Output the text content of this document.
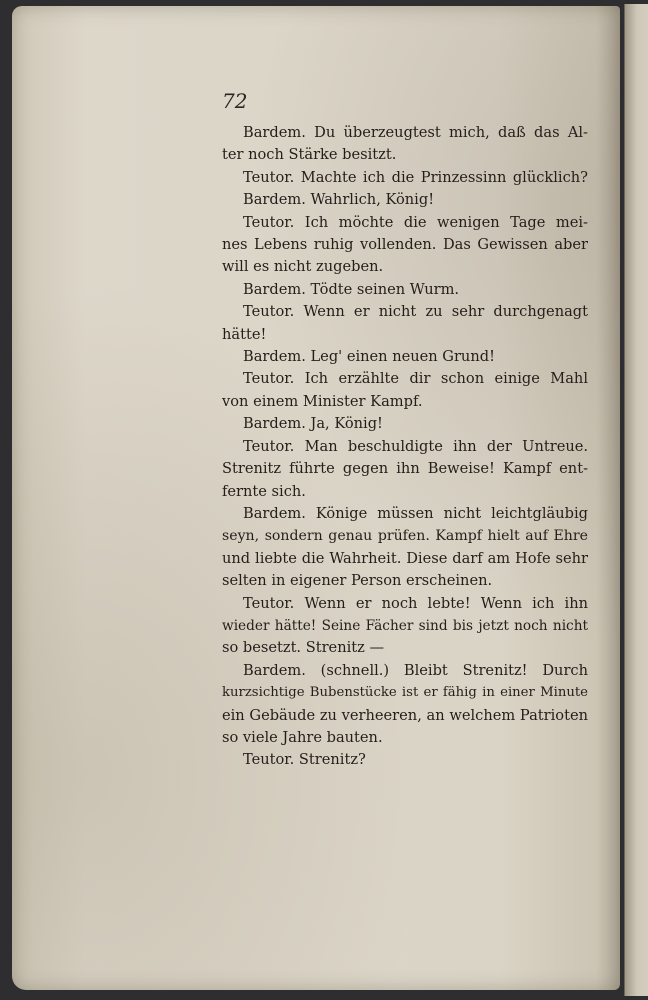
72
Bardem. Du überzeugtest mich, daß das Al-
ter noch Stärke besitzt.
Teutor. Machte ich die Prinzessinn glücklich?
Bardem. Wahrlich, König!
Teutor. Ich möchte die wenigen Tage mei-
nes Lebens ruhig vollenden. Das Gewissen aber
will es nicht zugeben.
Bardem. Tödte seinen Wurm.
Teutor. Wenn er nicht zu sehr durchgenagt
hätte!
Bardem. Leg' einen neuen Grund!
Teutor. Ich erzählte dir schon einige Mahl
von einem Minister Kampf.
Bardem. Ja, König!
Teutor. Man beschuldigte ihn der Untreue.
Strenitz führte gegen ihn Beweise! Kampf ent-
fernte sich.
Bardem. Könige müssen nicht leichtgläubig
seyn, sondern genau prüfen. Kampf hielt auf Ehre
und liebte die Wahrheit. Diese darf am Hofe sehr
selten in eigener Person erscheinen.
Teutor. Wenn er noch lebte! Wenn ich ihn
wieder hätte! Seine Fächer sind bis jetzt noch nicht
so besetzt. Strenitz —
Bardem. (schnell.) Bleibt Strenitz! Durch
kurzsichtige Bubenstücke ist er fähig in einer Minute
ein Gebäude zu verheeren, an welchem Patrioten
so viele Jahre bauten.
Teutor. Strenitz?
